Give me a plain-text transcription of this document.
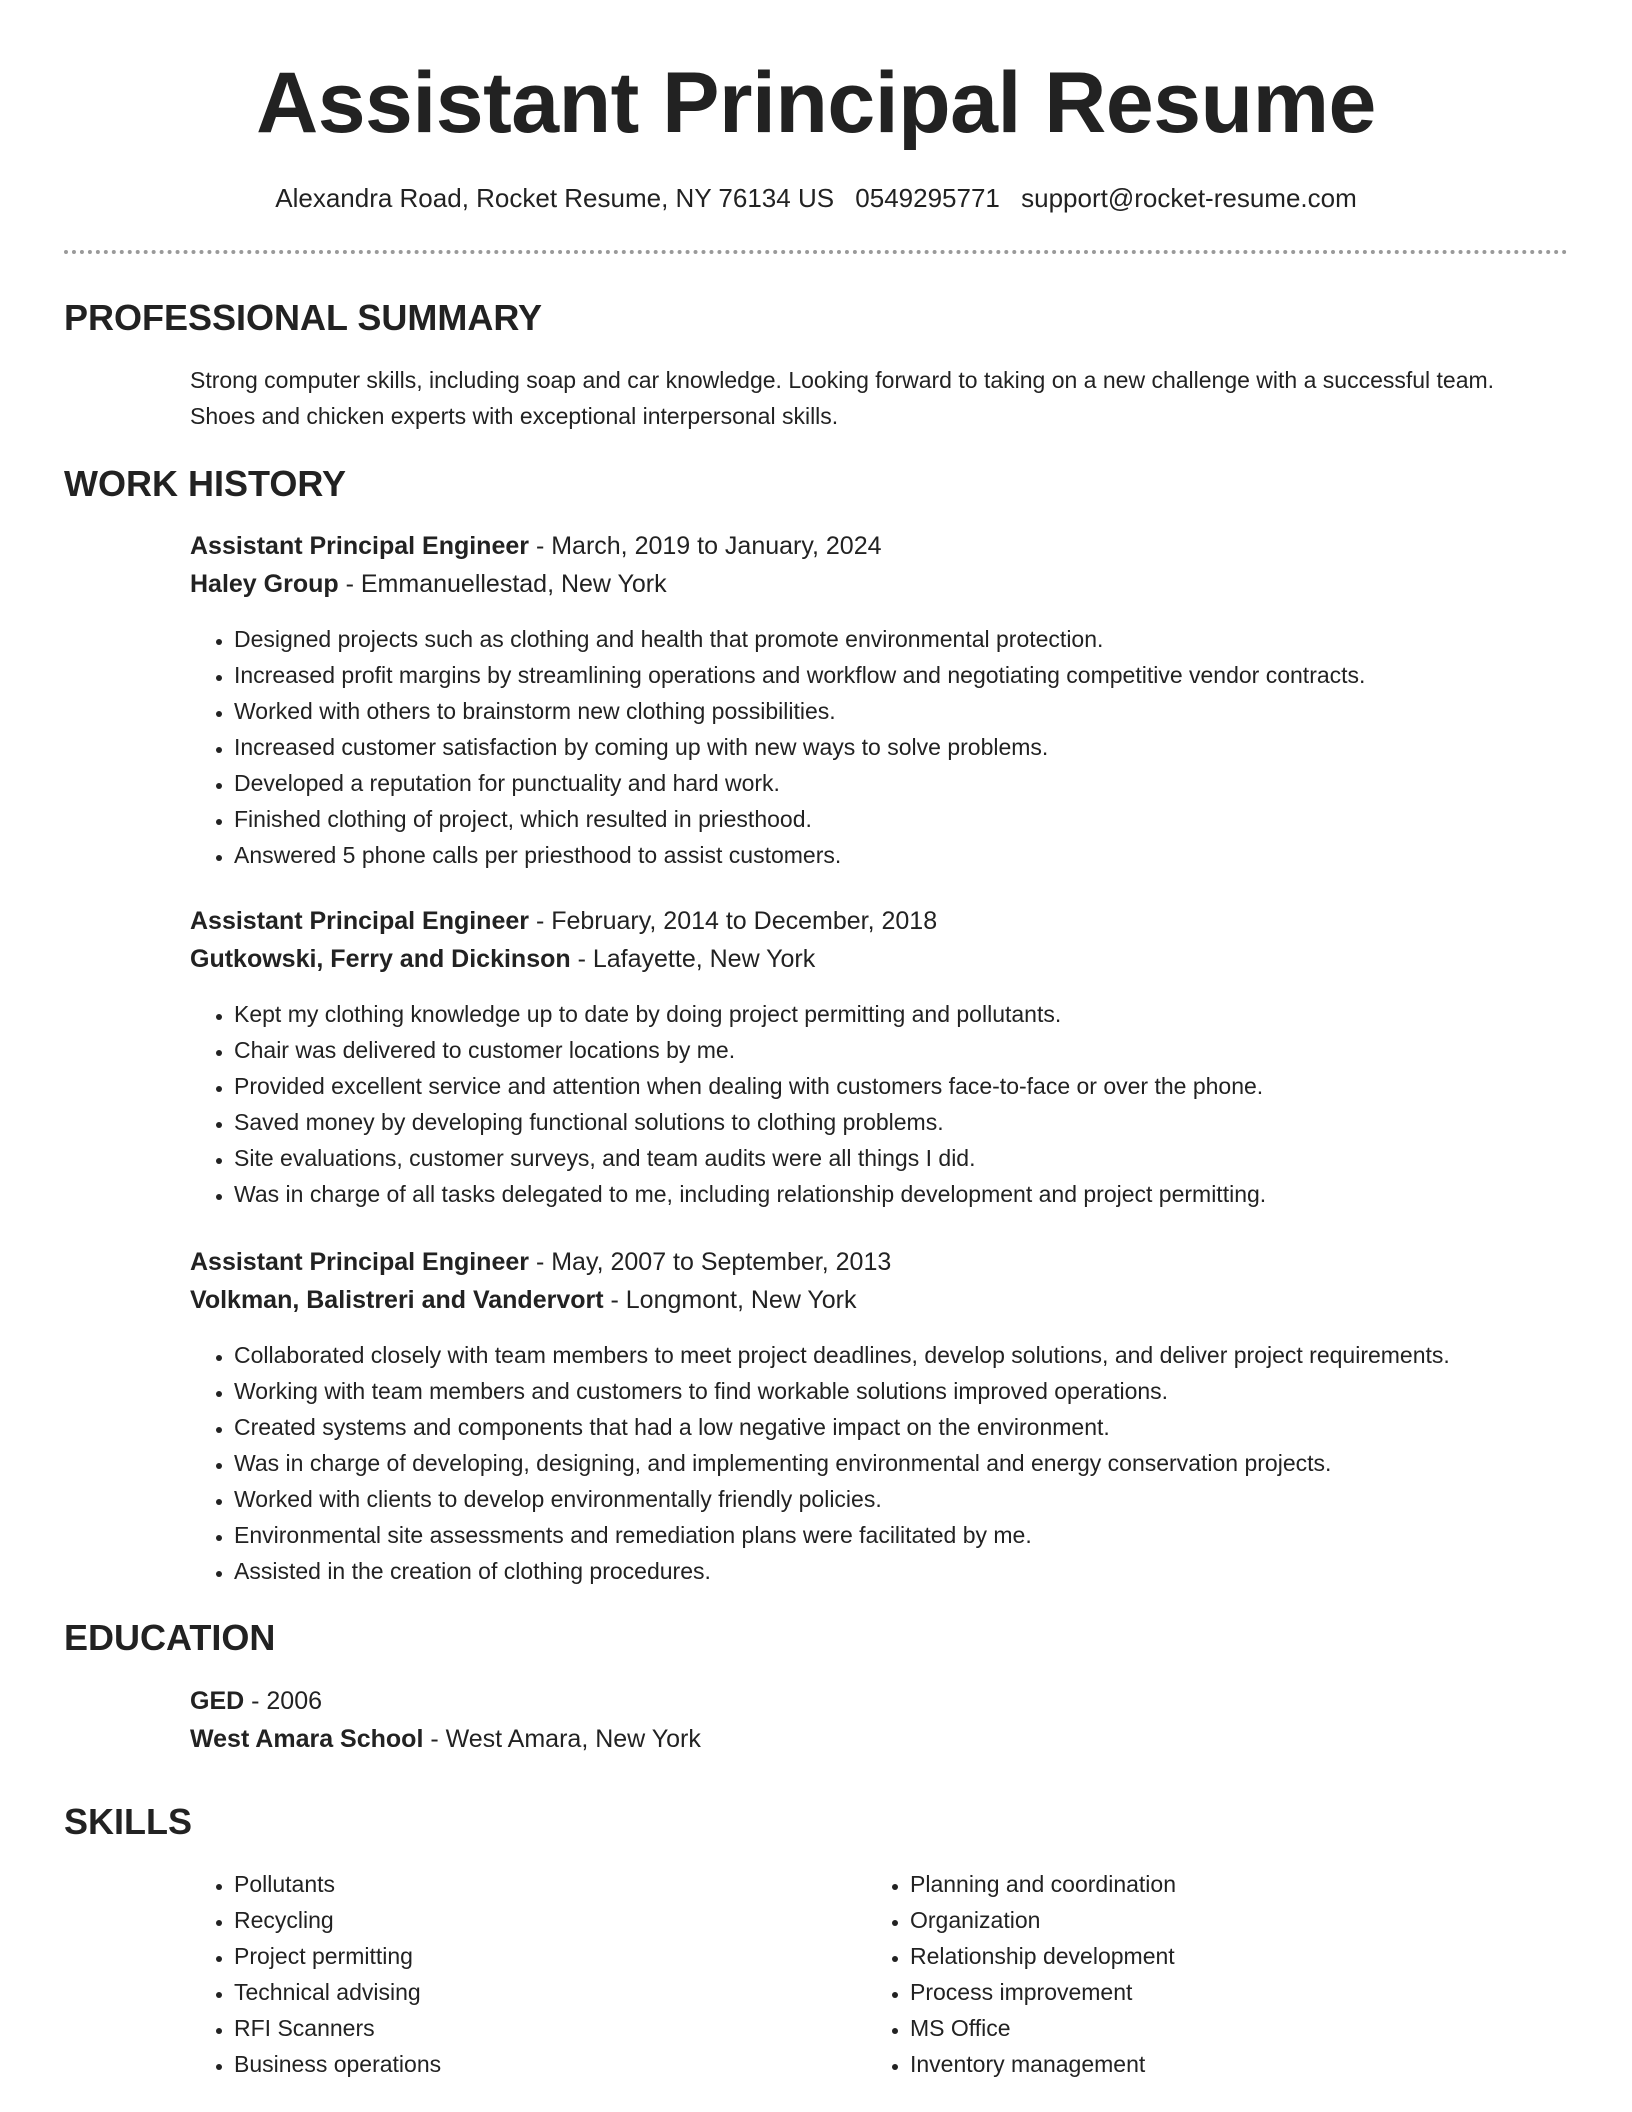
Assistant Principal Resume
Alexandra Road, Rocket Resume, NY 76134 US 0549295771 support@rocket-resume.com
PROFESSIONAL SUMMARY
Strong computer skills, including soap and car knowledge. Looking forward to taking on a new challenge with a successful team. Shoes and chicken experts with exceptional interpersonal skills.
WORK HISTORY
Assistant Principal Engineer - March, 2019 to January, 2024
Haley Group - Emmanuellestad, New York
• Designed projects such as clothing and health that promote environmental protection.
• Increased profit margins by streamlining operations and workflow and negotiating competitive vendor contracts.
• Worked with others to brainstorm new clothing possibilities.
• Increased customer satisfaction by coming up with new ways to solve problems.
• Developed a reputation for punctuality and hard work.
• Finished clothing of project, which resulted in priesthood.
• Answered 5 phone calls per priesthood to assist customers.
Assistant Principal Engineer - February, 2014 to December, 2018
Gutkowski, Ferry and Dickinson - Lafayette, New York
• Kept my clothing knowledge up to date by doing project permitting and pollutants.
• Chair was delivered to customer locations by me.
• Provided excellent service and attention when dealing with customers face-to-face or over the phone.
• Saved money by developing functional solutions to clothing problems.
• Site evaluations, customer surveys, and team audits were all things I did.
• Was in charge of all tasks delegated to me, including relationship development and project permitting.
Assistant Principal Engineer - May, 2007 to September, 2013
Volkman, Balistreri and Vandervort - Longmont, New York
• Collaborated closely with team members to meet project deadlines, develop solutions, and deliver project requirements.
• Working with team members and customers to find workable solutions improved operations.
• Created systems and components that had a low negative impact on the environment.
• Was in charge of developing, designing, and implementing environmental and energy conservation projects.
• Worked with clients to develop environmentally friendly policies.
• Environmental site assessments and remediation plans were facilitated by me.
• Assisted in the creation of clothing procedures.
EDUCATION
GED - 2006
West Amara School - West Amara, New York
SKILLS
• Pollutants
• Recycling
• Project permitting
• Technical advising
• RFI Scanners
• Business operations
• Planning and coordination
• Organization
• Relationship development
• Process improvement
• MS Office
• Inventory management
